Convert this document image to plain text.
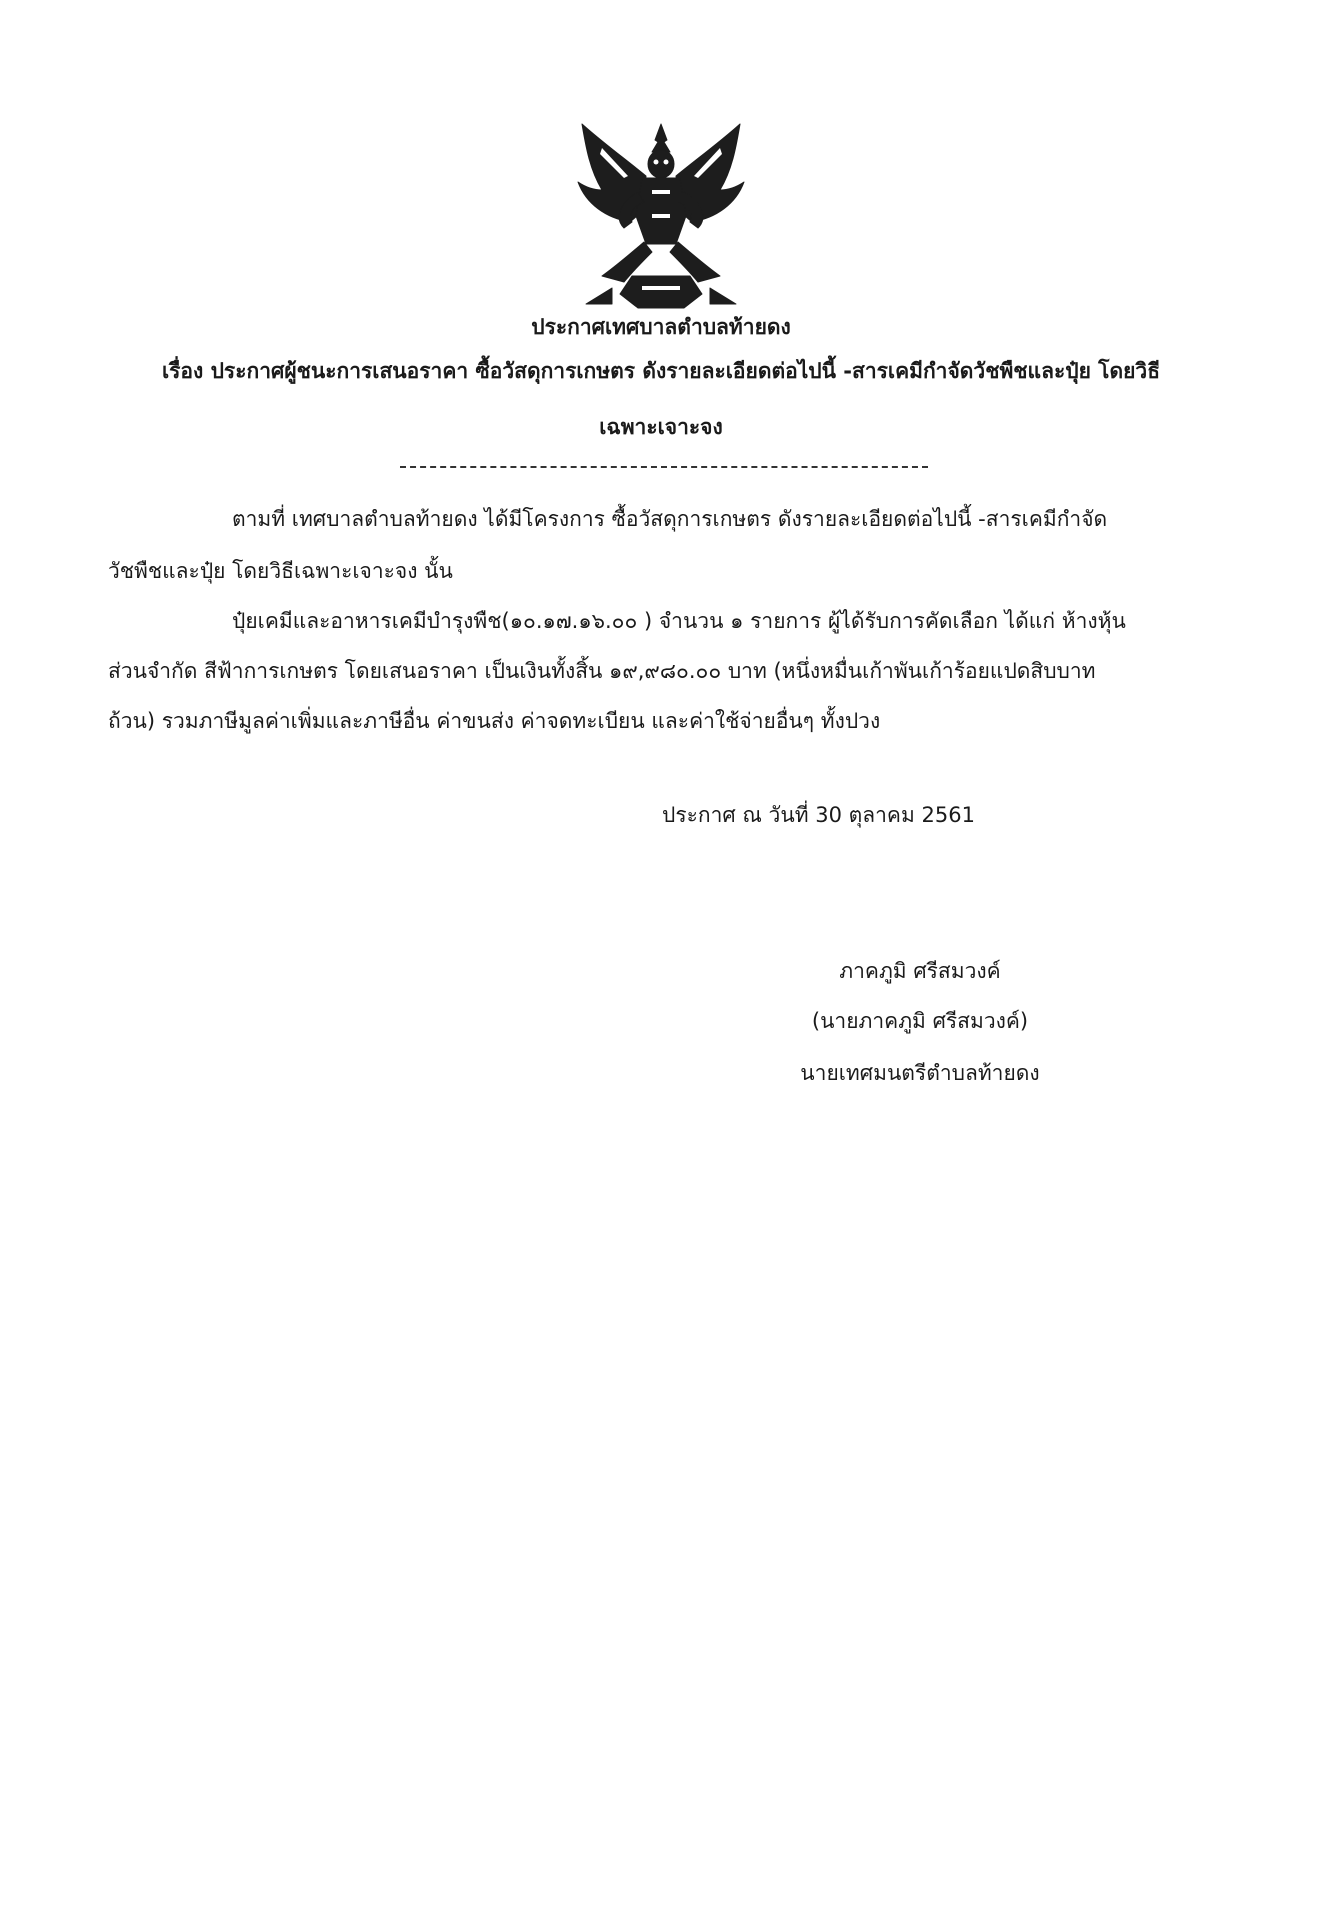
ประกาศเทศบาลตำบลท้ายดง
เรื่อง ประกาศผู้ชนะการเสนอราคา ซื้อวัสดุการเกษตร ดังรายละเอียดต่อไปนี้ -สารเคมีกำจัดวัชพืชและปุ๋ย โดยวิธี
เฉพาะเจาะจง
ตามที่ เทศบาลตำบลท้ายดง ได้มีโครงการ ซื้อวัสดุการเกษตร ดังรายละเอียดต่อไปนี้ -สารเคมีกำจัด
วัชพืชและปุ๋ย โดยวิธีเฉพาะเจาะจง นั้น
ปุ๋ยเคมีและอาหารเคมีบำรุงพืช(๑๐.๑๗.๑๖.๐๐ ) จำนวน ๑ รายการ ผู้ได้รับการคัดเลือก ได้แก่ ห้างหุ้น
ส่วนจำกัด สีฟ้าการเกษตร โดยเสนอราคา เป็นเงินทั้งสิ้น ๑๙,๙๘๐.๐๐ บาท (หนึ่งหมื่นเก้าพันเก้าร้อยแปดสิบบาท
ถ้วน) รวมภาษีมูลค่าเพิ่มและภาษีอื่น ค่าขนส่ง ค่าจดทะเบียน และค่าใช้จ่ายอื่นๆ ทั้งปวง
ประกาศ ณ วันที่ 30 ตุลาคม 2561
ภาคภูมิ ศรีสมวงค์
(นายภาคภูมิ ศรีสมวงค์)
นายเทศมนตรีตำบลท้ายดง
